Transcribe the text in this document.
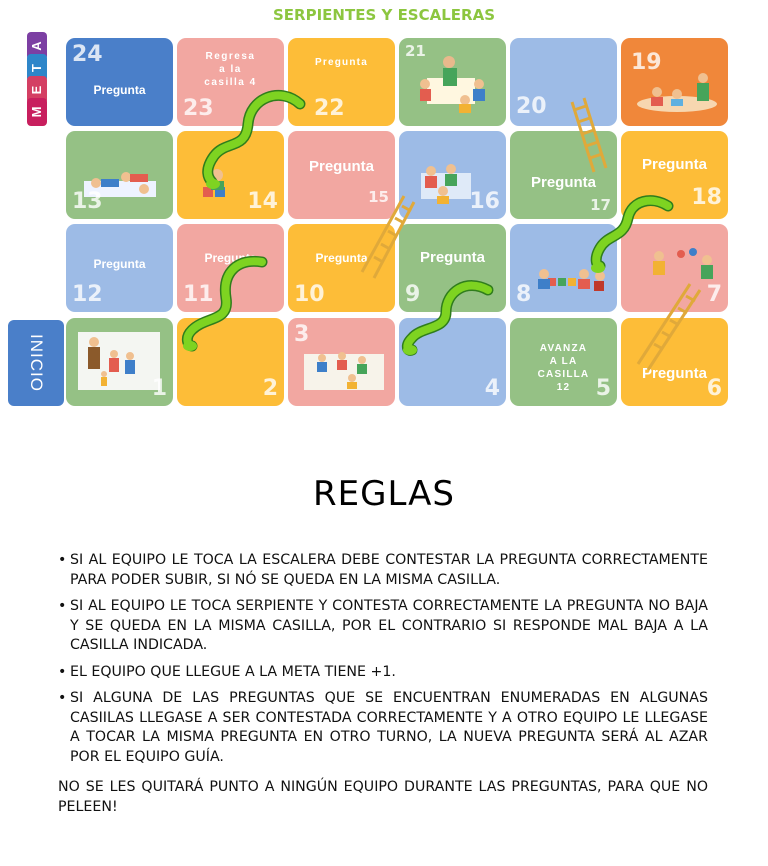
SERPIENTES Y ESCALERAS
A
T
E
M
INICIO
24
Pregunta
Regresa
a la
casilla 4
23
Pregunta
22
21
20
19
13	14
Pregunta
15	16
Pregunta
17
Pregunta
18
Pregunta
12
Pregunta
11
Pregunta
10
Pregunta
9	8	7
1	2
3
4
AVANZA
A LA
CASILLA
12	5
Pregunta
6
REGLAS
• SI AL EQUIPO LE TOCA LA ESCALERA DEBE CONTESTAR LA PREGUNTA CORRECTAMENTE PARA PODER SUBIR, SI NÓ SE QUEDA EN LA MISMA CASILLA.
• SI AL EQUIPO LE TOCA SERPIENTE Y CONTESTA CORRECTAMENTE LA PREGUNTA NO BAJA Y SE QUEDA EN LA MISMA CASILLA, POR EL CONTRARIO SI RESPONDE MAL BAJA A LA CASILLA INDICADA.
• EL EQUIPO QUE LLEGUE A LA META TIENE +1.
• SI ALGUNA DE LAS PREGUNTAS QUE SE ENCUENTRAN ENUMERADAS EN ALGUNAS CASIILAS LLEGASE A SER CONTESTADA CORRECTAMENTE Y A OTRO EQUIPO LE LLEGASE A TOCAR LA MISMA PREGUNTA EN OTRO TURNO, LA NUEVA PREGUNTA SERÁ AL AZAR POR EL EQUIPO GUÍA.
NO SE LES QUITARÁ PUNTO A NINGÚN EQUIPO DURANTE LAS PREGUNTAS, PARA QUE NO PELEEN!
